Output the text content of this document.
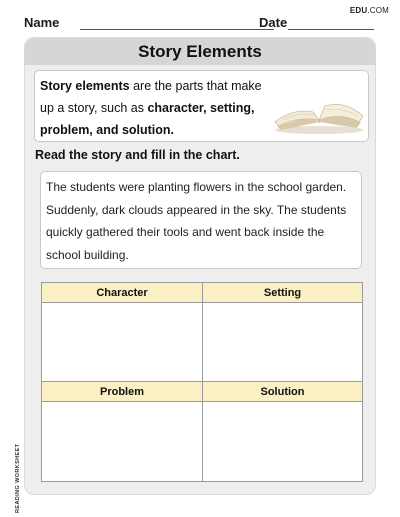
EDU.COM
Name	Date
Story Elements

Story elements are the parts that make up a story, such as character, setting, problem, and solution.

Read the story and fill in the chart.

The students were planting flowers in the school garden. Suddenly, dark clouds appeared in the sky. The students quickly gathered their tools and went back inside the school building.

Character	Setting
Problem	Solution
READING WORKSHEET
